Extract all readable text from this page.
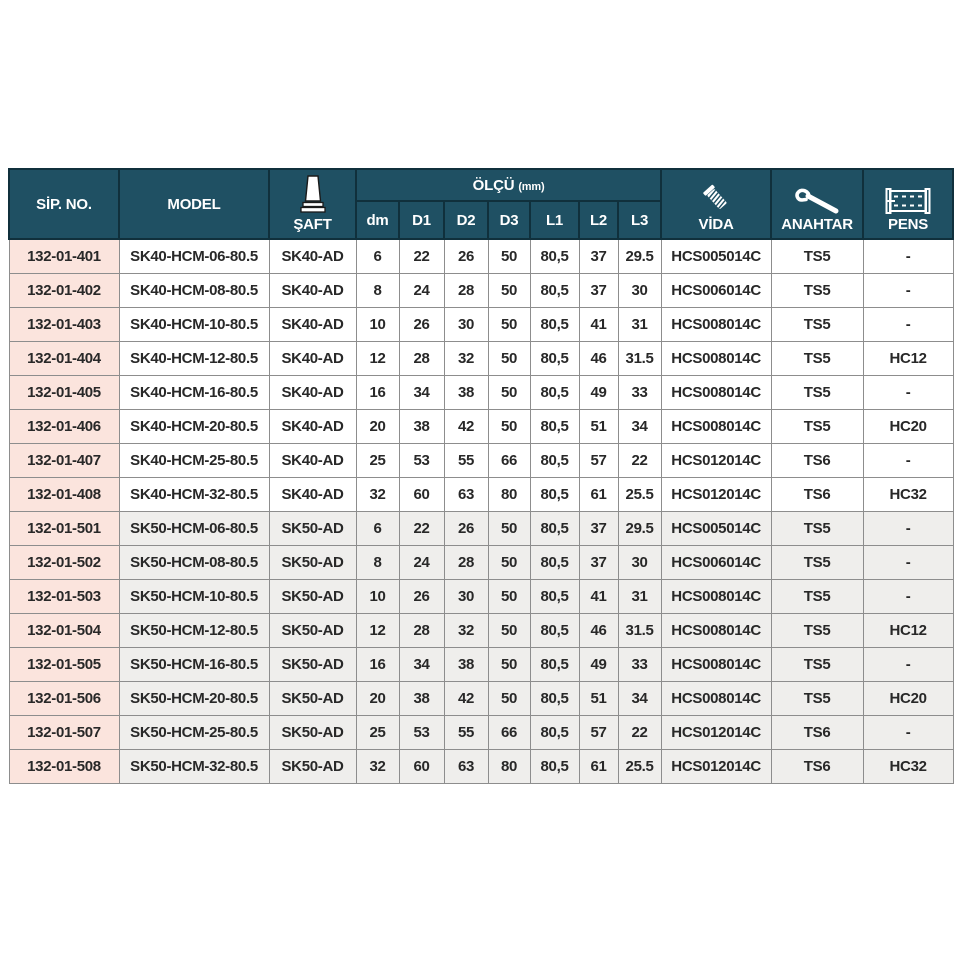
SİP. NO.	MODEL	ŞAFT	ÖLÇÜ (mm)							VİDA	ANAHTAR	PENS

			dm	D1	D2	D3	L1	L2	L3			
132-01-401	SK40-HCM-06-80.5	SK40-AD	6	22	26	50	80,5	37	29.5	HCS005014C	TS5	-
132-01-402	SK40-HCM-08-80.5	SK40-AD	8	24	28	50	80,5	37	30	HCS006014C	TS5	-
132-01-403	SK40-HCM-10-80.5	SK40-AD	10	26	30	50	80,5	41	31	HCS008014C	TS5	-
132-01-404	SK40-HCM-12-80.5	SK40-AD	12	28	32	50	80,5	46	31.5	HCS008014C	TS5	HC12
132-01-405	SK40-HCM-16-80.5	SK40-AD	16	34	38	50	80,5	49	33	HCS008014C	TS5	-
132-01-406	SK40-HCM-20-80.5	SK40-AD	20	38	42	50	80,5	51	34	HCS008014C	TS5	HC20
132-01-407	SK40-HCM-25-80.5	SK40-AD	25	53	55	66	80,5	57	22	HCS012014C	TS6	-
132-01-408	SK40-HCM-32-80.5	SK40-AD	32	60	63	80	80,5	61	25.5	HCS012014C	TS6	HC32
132-01-501	SK50-HCM-06-80.5	SK50-AD	6	22	26	50	80,5	37	29.5	HCS005014C	TS5	-
132-01-502	SK50-HCM-08-80.5	SK50-AD	8	24	28	50	80,5	37	30	HCS006014C	TS5	-
132-01-503	SK50-HCM-10-80.5	SK50-AD	10	26	30	50	80,5	41	31	HCS008014C	TS5	-
132-01-504	SK50-HCM-12-80.5	SK50-AD	12	28	32	50	80,5	46	31.5	HCS008014C	TS5	HC12
132-01-505	SK50-HCM-16-80.5	SK50-AD	16	34	38	50	80,5	49	33	HCS008014C	TS5	-
132-01-506	SK50-HCM-20-80.5	SK50-AD	20	38	42	50	80,5	51	34	HCS008014C	TS5	HC20
132-01-507	SK50-HCM-25-80.5	SK50-AD	25	53	55	66	80,5	57	22	HCS012014C	TS6	-
132-01-508	SK50-HCM-32-80.5	SK50-AD	32	60	63	80	80,5	61	25.5	HCS012014C	TS6	HC32
